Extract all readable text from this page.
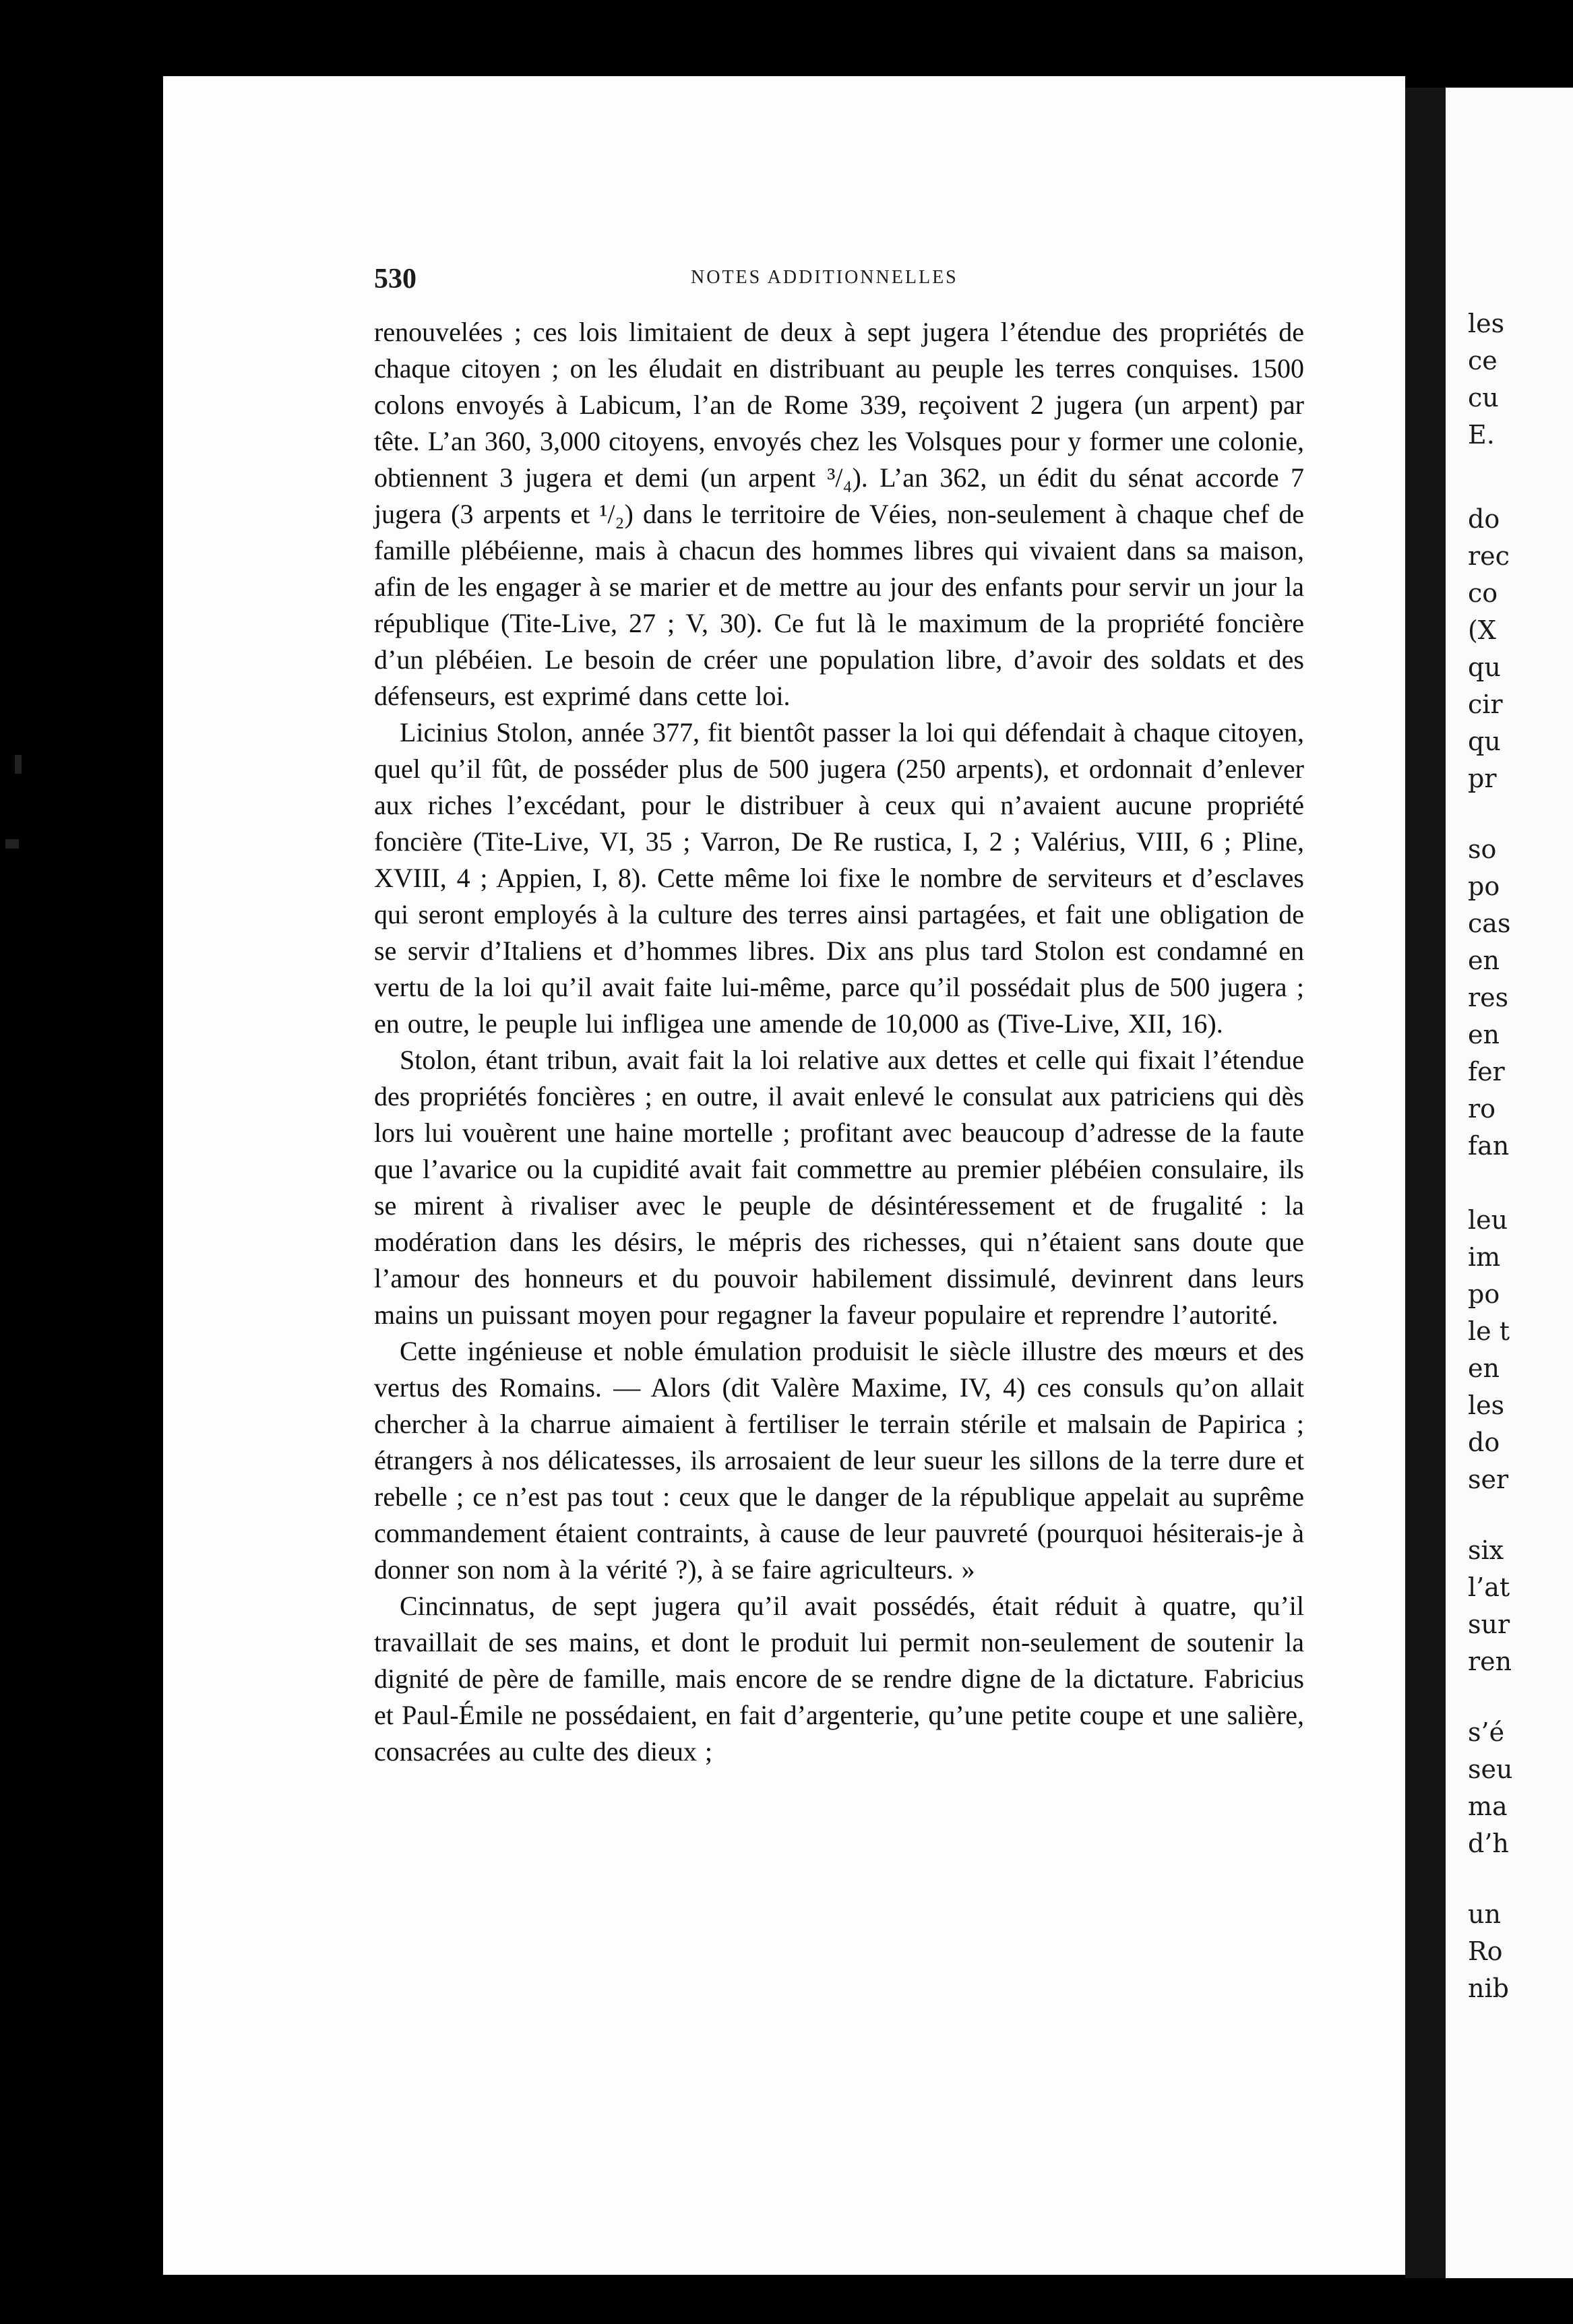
les
ce
cu
E.
do
rec
co
(X
qu
cir
qu
pr
so
po
cas
en
res
en
fer
ro
fan
leu
im
po
le t
en
les
do
ser
six
l’at
sur
ren
s’é
seu
ma
d’h
un
Ro
nib
530	NOTES ADDITIONNELLES

renouvelées ; ces lois limitaient de deux à sept jugera l’étendue des propriétés de chaque citoyen ; on les éludait en distribuant au peuple les terres conquises. 1500 colons envoyés à Labicum, l’an de Rome 339, reçoivent 2 jugera (un arpent) par tête. L’an 360, 3,000 citoyens, envoyés chez les Volsques pour y former une colonie, obtiennent 3 jugera et demi (un arpent ³/₄). L’an 362, un édit du sénat accorde 7 jugera (3 arpents et ¹/₂) dans le territoire de Véies, non-seulement à chaque chef de famille plébéienne, mais à chacun des hommes libres qui vivaient dans sa maison, afin de les engager à se marier et de mettre au jour des enfants pour servir un jour la république (Tite-Live, 27 ; V, 30). Ce fut là le maximum de la propriété foncière d’un plébéien. Le besoin de créer une population libre, d’avoir des soldats et des défenseurs, est exprimé dans cette loi.

Licinius Stolon, année 377, fit bientôt passer la loi qui défendait à chaque citoyen, quel qu’il fût, de posséder plus de 500 jugera (250 arpents), et ordonnait d’enlever aux riches l’excédant, pour le distribuer à ceux qui n’avaient aucune propriété foncière (Tite-Live, VI, 35 ; Varron, De Re rustica, I, 2 ; Valérius, VIII, 6 ; Pline, XVIII, 4 ; Appien, I, 8). Cette même loi fixe le nombre de serviteurs et d’esclaves qui seront employés à la culture des terres ainsi partagées, et fait une obligation de se servir d’Italiens et d’hommes libres. Dix ans plus tard Stolon est condamné en vertu de la loi qu’il avait faite lui-même, parce qu’il possédait plus de 500 jugera ; en outre, le peuple lui infligea une amende de 10,000 as (Tive-Live, XII, 16).

Stolon, étant tribun, avait fait la loi relative aux dettes et celle qui fixait l’étendue des propriétés foncières ; en outre, il avait enlevé le consulat aux patriciens qui dès lors lui vouèrent une haine mortelle ; profitant avec beaucoup d’adresse de la faute que l’avarice ou la cupidité avait fait commettre au premier plébéien consulaire, ils se mirent à rivaliser avec le peuple de désintéressement et de frugalité : la modération dans les désirs, le mépris des richesses, qui n’étaient sans doute que l’amour des honneurs et du pouvoir habilement dissimulé, devinrent dans leurs mains un puissant moyen pour regagner la faveur populaire et reprendre l’autorité.

Cette ingénieuse et noble émulation produisit le siècle illustre des mœurs et des vertus des Romains. — Alors (dit Valère Maxime, IV, 4) ces consuls qu’on allait chercher à la charrue aimaient à fertiliser le terrain stérile et malsain de Papirica ; étrangers à nos délicatesses, ils arrosaient de leur sueur les sillons de la terre dure et rebelle ; ce n’est pas tout : ceux que le danger de la république appelait au suprême commandement étaient contraints, à cause de leur pauvreté (pourquoi hésiterais-je à donner son nom à la vérité ?), à se faire agriculteurs. »

Cincinnatus, de sept jugera qu’il avait possédés, était réduit à quatre, qu’il travaillait de ses mains, et dont le produit lui permit non-seulement de soutenir la dignité de père de famille, mais encore de se rendre digne de la dictature. Fabricius et Paul-Émile ne possédaient, en fait d’argenterie, qu’une petite coupe et une salière, consacrées au culte des dieux ;
